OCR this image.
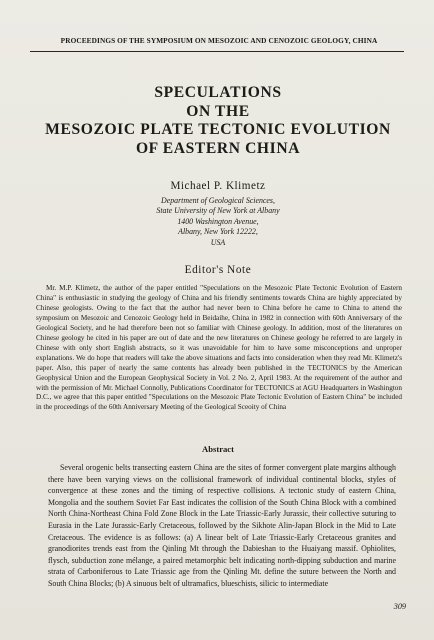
PROCEEDINGS OF THE SYMPOSIUM ON MESOZOIC AND CENOZOIC GEOLOGY, CHINA
SPECULATIONS
ON THE
MESOZOIC PLATE TECTONIC EVOLUTION
OF EASTERN CHINA
Michael P. Klimetz
Department of Geological Sciences,
State University of New York at Albany
1400 Washington Avenue,
Albany, New York 12222,
USA
Editor's Note
Mr. M.P. Klimetz, the author of the paper entitled "Speculations on the Mesozoic Plate Tectonic Evolution of Eastern China" is enthusiastic in studying the geology of China and his friendly sentiments towards China are highly appreciated by Chinese geologists. Owing to the fact that the author had never been to China before he came to China to attend the symposium on Mesozoic and Cenozoic Geology held in Beidaihe, China in 1982 in connection with 60th Anniversary of the Geological Society, and he had therefore been not so familiar with Chinese geology. In addition, most of the literatures on Chinese geology he cited in his paper are out of date and the new literatures on Chinese geology he referred to are largely in Chinese with only short English abstracts, so it was unavoidable for him to have some misconceptions and unproper explanations. We do hope that readers will take the above situations and facts into consideration when they read Mr. Klimetz's paper. Also, this paper of nearly the same contents has already been published in the TECTONICS by the American Geophysical Union and the European Geophysical Society in Vol. 2 No. 2, April 1983. At the requirement of the author and with the permission of Mr. Michael Connolly, Publications Coordinator for TECTONICS at AGU Headquarters in Washington D.C., we agree that this paper entitled "Speculations on the Mesozoic Plate Tectonic Evolution of Eastern China" be included in the proceedings of the 60th Anniversary Meeting of the Geological Sceoity of China
Abstract
Several orogenic belts transecting eastern China are the sites of former convergent plate margins although there have been varying views on the collisional framework of individual continental blocks, styles of convergence at these zones and the timing of respective collisions. A tectonic study of eastern China, Mongolia and the southern Soviet Far East indicates the collision of the South China Block with a combined North China-Northeast China Fold Zone Block in the Late Triassic-Early Jurassic, their collective suturing to Eurasia in the Late Jurassic-Early Cretaceous, followed by the Sikhote Alin-Japan Block in the Mid to Late Cretaceous. The evidence is as follows: (a) A linear belt of Late Triassic-Early Cretaceous granites and granodiorites trends east from the Qinling Mt through the Dabieshan to the Huaiyang massif. Ophiolites, flysch, subduction zone mélange, a paired metamorphic belt indicating north-dipping subduction and marine strata of Carboniferous to Late Triassic age from the Qinling Mt. define the suture between the North and South China Blocks; (b) A sinuous belt of ultramafics, blueschists, silicic to intermediate
309
